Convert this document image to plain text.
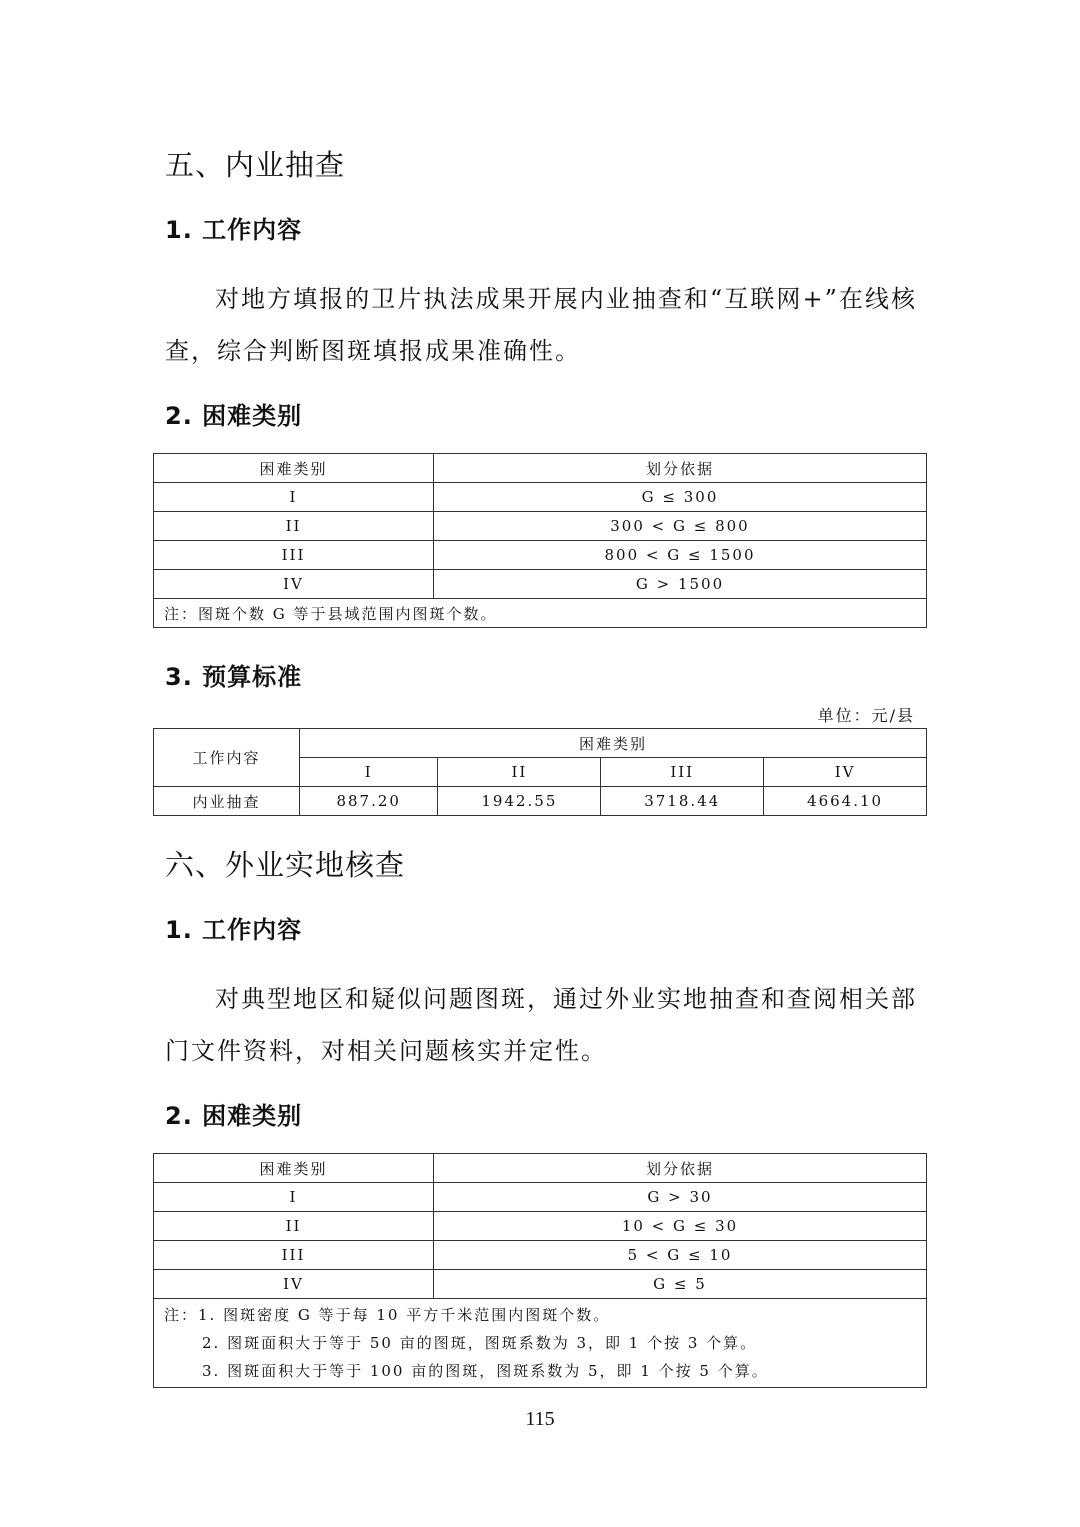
五、内业抽查
1. 工作内容

对地方填报的卫片执法成果开展内业抽查和“互联网+”在线核查，综合判断图斑填报成果准确性。

2. 困难类别
困难类别	划分依据
I	G ≤ 300
II	300 < G ≤ 800
III	800 < G ≤ 1500
IV	G > 1500
注：图斑个数 G 等于县域范围内图斑个数。	
3. 预算标准
单位：元/县
工作内容	困难类别			
	I	II	III	IV
内业抽查	887.20	1942.55	3718.44	4664.10
六、外业实地核查
1. 工作内容

对典型地区和疑似问题图斑，通过外业实地抽查和查阅相关部门文件资料，对相关问题核实并定性。

2. 困难类别
困难类别	划分依据
I	G > 30
II	10 < G ≤ 30
III	5 < G ≤ 10
IV	G ≤ 5

注：1. 图斑密度 G 等于每 10 平方千米范围内图斑个数。
2. 图斑面积大于等于 50 亩的图斑，图斑系数为 3，即 1 个按 3 个算。
3. 图斑面积大于等于 100 亩的图斑，图斑系数为 5，即 1 个按 5 个算。	
115
